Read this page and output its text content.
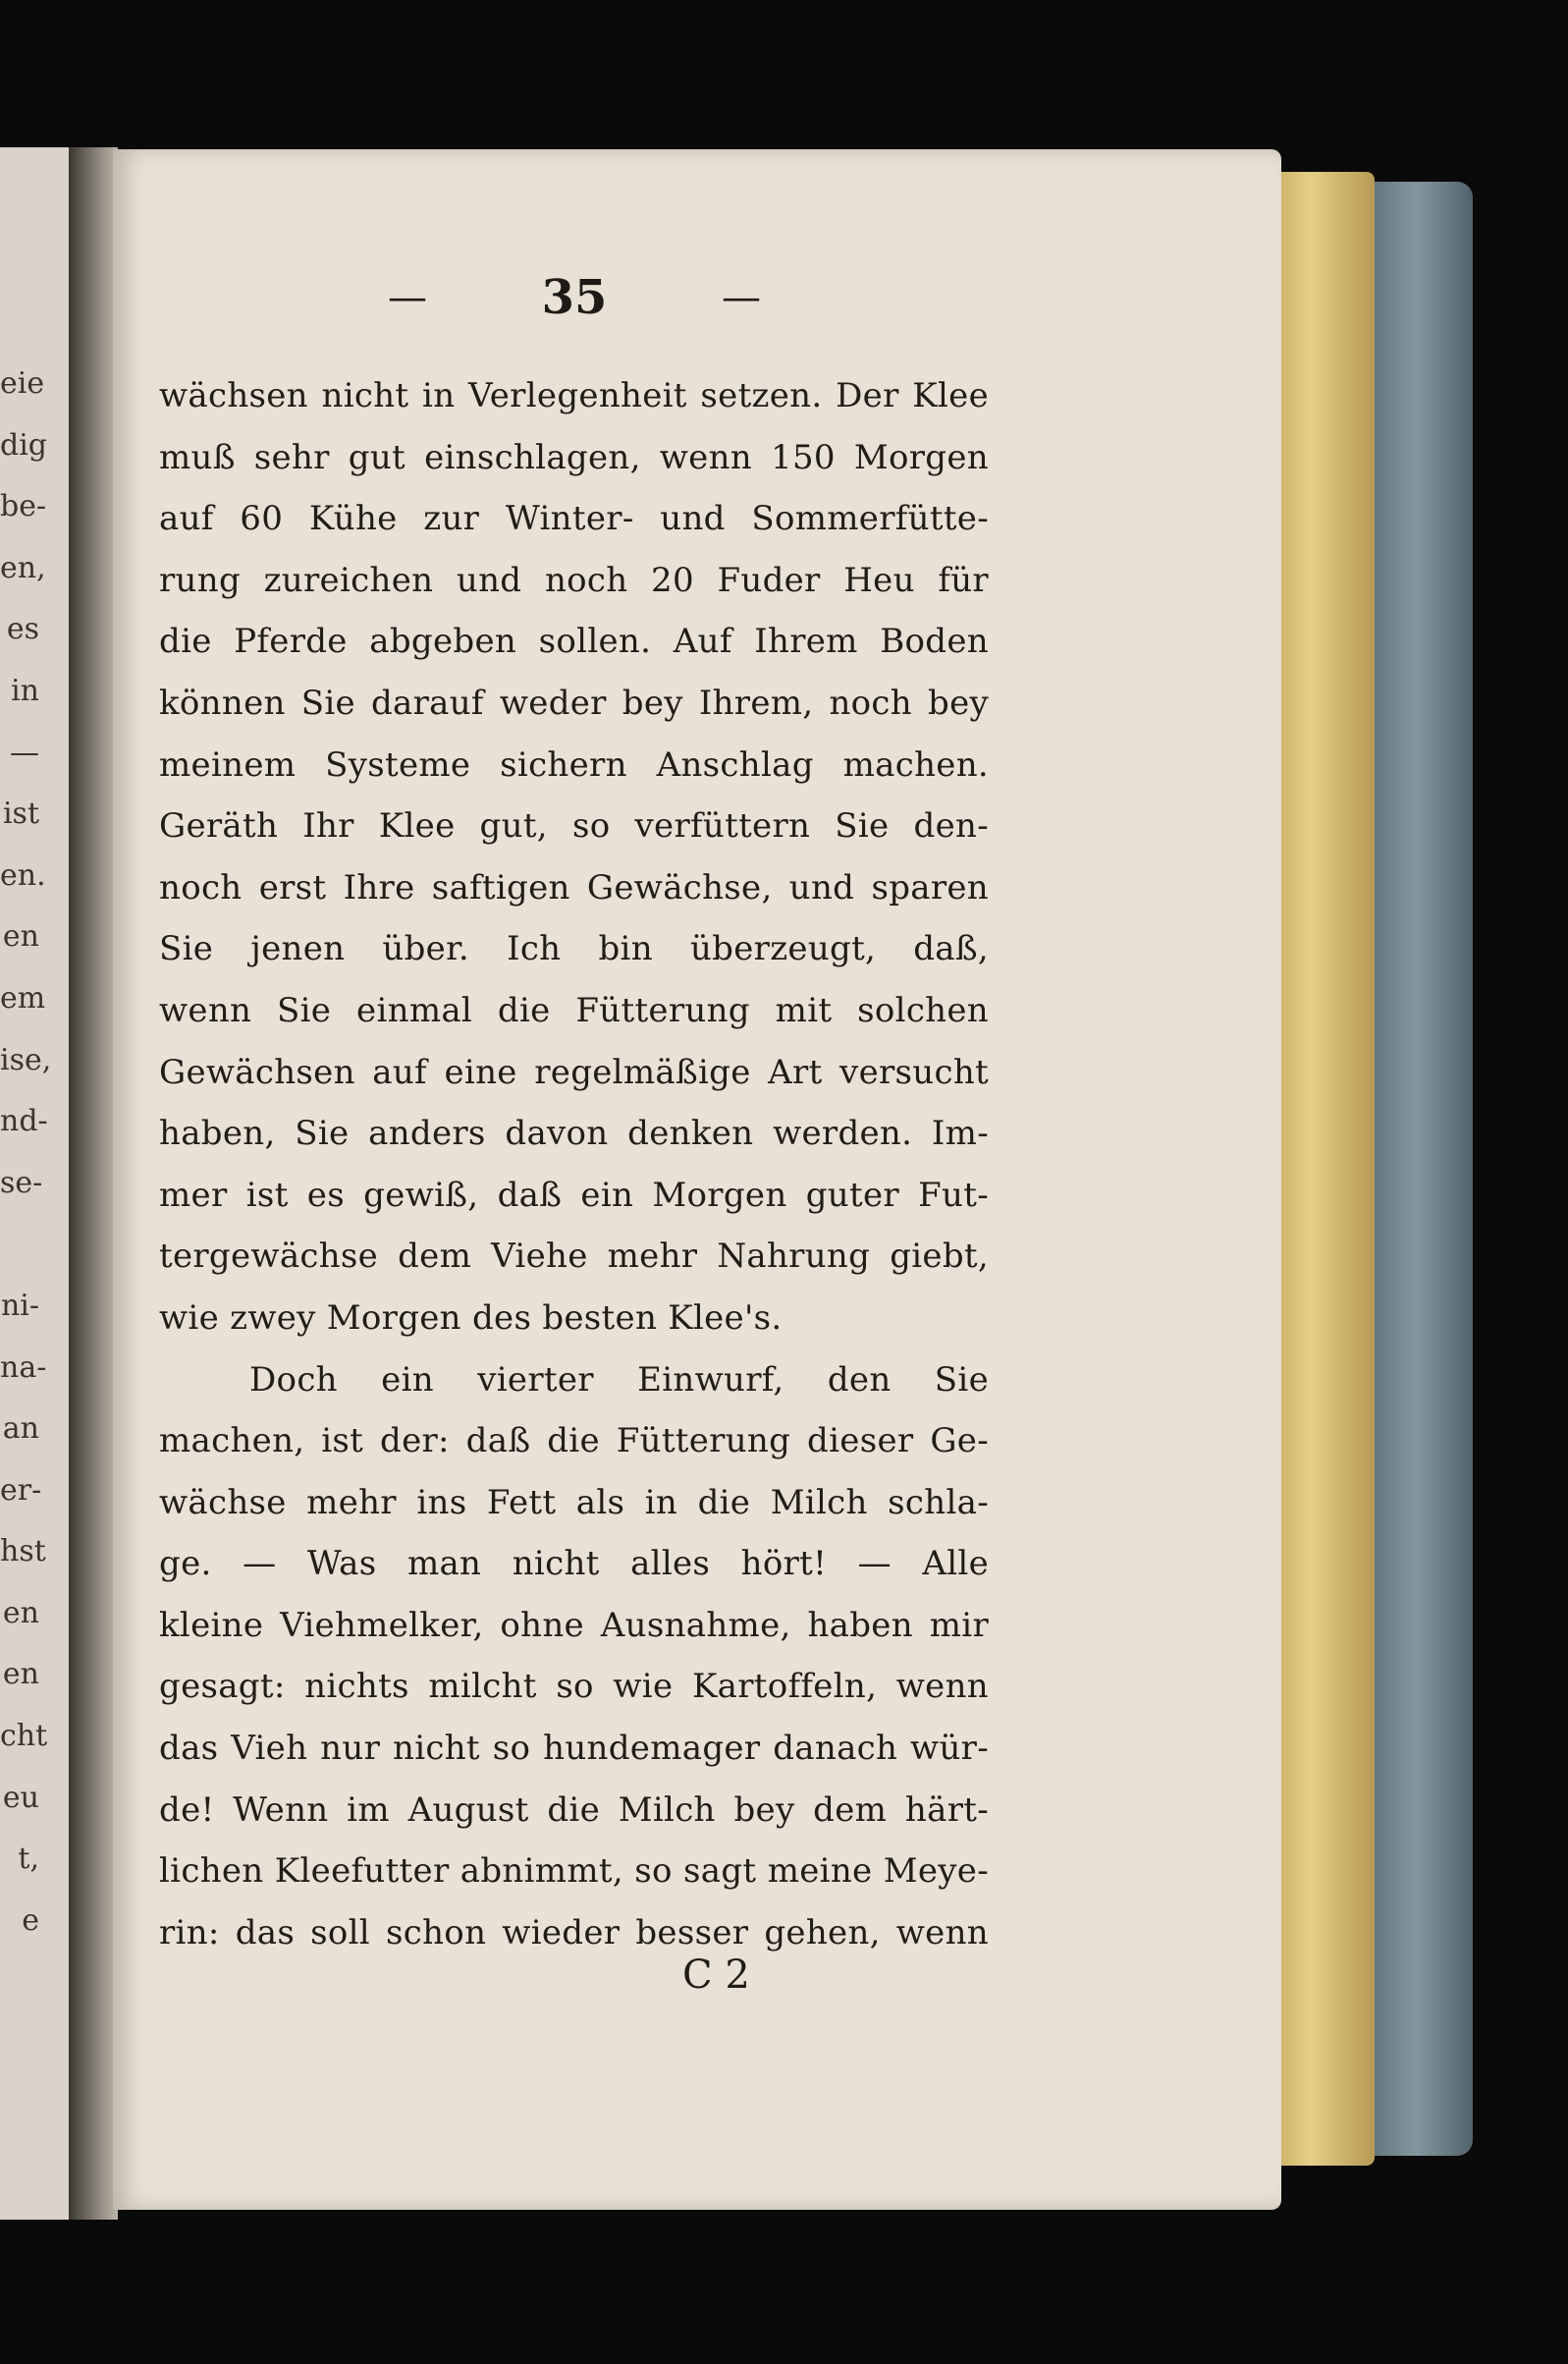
eie
dig
be-
en,
es
in
—
ist
en.
en
em
ise,
nd-
se-
ni-
na-
an
er-
hst
en
en
cht
eu
t,
e
— 35	—
wächsen nicht in Verlegenheit setzen. Der Klee
muß sehr gut einschlagen, wenn 150 Morgen
auf 60 Kühe zur Winter- und Sommerfütte-
rung zureichen und noch 20 Fuder Heu für
die Pferde abgeben sollen. Auf Ihrem Boden
können Sie darauf weder bey Ihrem, noch bey
meinem Systeme sichern Anschlag machen.
Geräth Ihr Klee gut, so verfüttern Sie den-
noch erst Ihre saftigen Gewächse, und sparen
Sie jenen über. Ich bin überzeugt, daß,
wenn Sie einmal die Fütterung mit solchen
Gewächsen auf eine regelmäßige Art versucht
haben, Sie anders davon denken werden. Im-
mer ist es gewiß, daß ein Morgen guter Fut-
tergewächse dem Viehe mehr Nahrung giebt,
wie zwey Morgen des besten Klee's.
Doch ein vierter Einwurf, den Sie
machen, ist der: daß die Fütterung dieser Ge-
wächse mehr ins Fett als in die Milch schla-
ge. — Was man nicht alles hört! — Alle
kleine Viehmelker, ohne Ausnahme, haben mir
gesagt: nichts milcht so wie Kartoffeln, wenn
das Vieh nur nicht so hundemager danach wür-
de! Wenn im August die Milch bey dem härt-
lichen Kleefutter abnimmt, so sagt meine Meye-
rin: das soll schon wieder besser gehen, wenn
C 2
